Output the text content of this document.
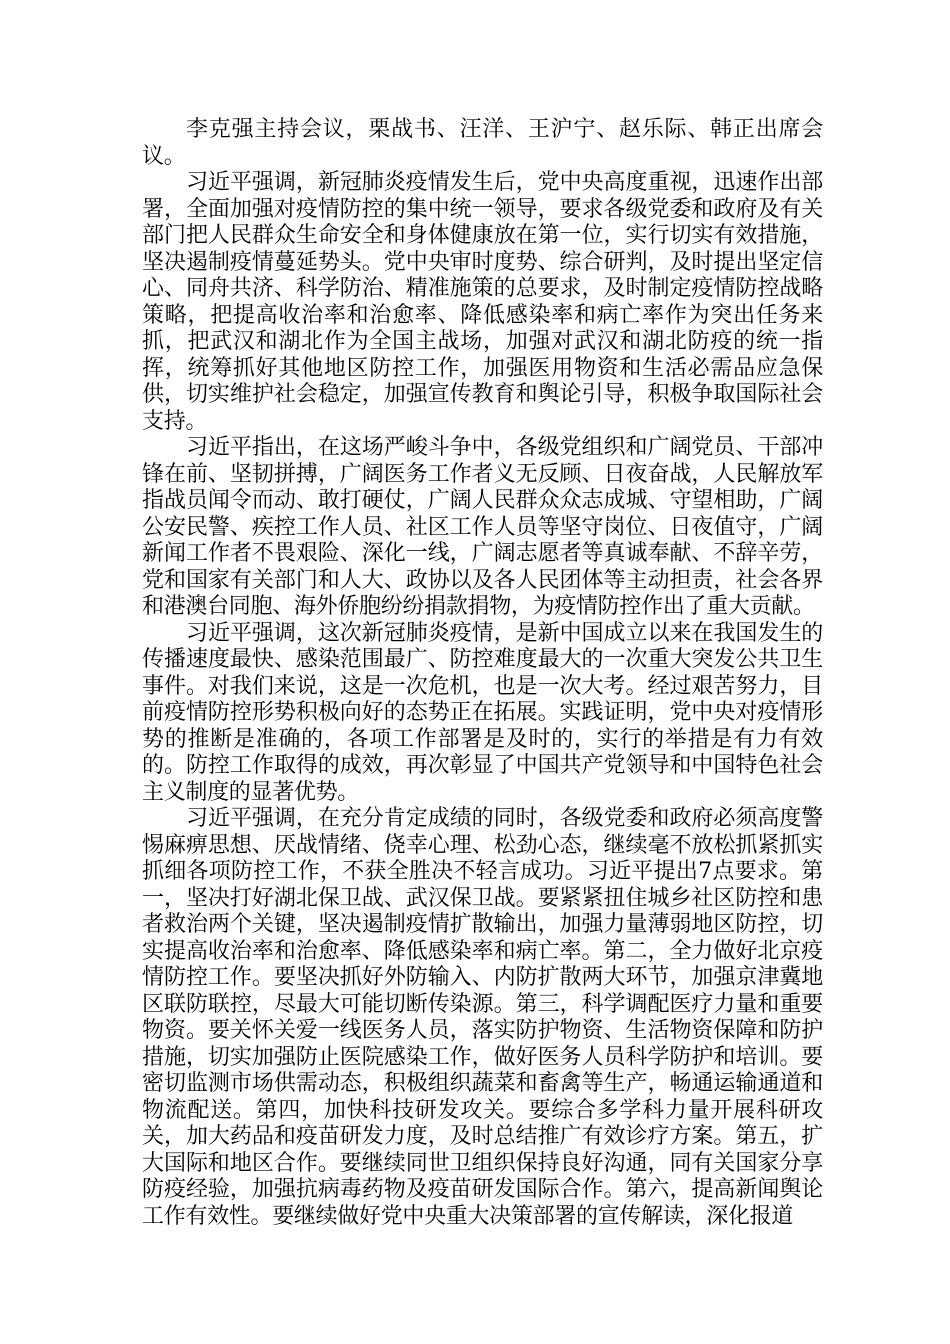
李克强主持会议，栗战书、汪洋、王沪宁、赵乐际、韩正出席会议。

习近平强调，新冠肺炎疫情发生后，党中央高度重视，迅速作出部署，全面加强对疫情防控的集中统一领导，要求各级党委和政府及有关部门把人民群众生命安全和身体健康放在第一位，实行切实有效措施，坚决遏制疫情蔓延势头。党中央审时度势、综合研判，及时提出坚定信心、同舟共济、科学防治、精准施策的总要求，及时制定疫情防控战略策略，把提高收治率和治愈率、降低感染率和病亡率作为突出任务来抓，把武汉和湖北作为全国主战场，加强对武汉和湖北防疫的统一指挥，统筹抓好其他地区防控工作，加强医用物资和生活必需品应急保供，切实维护社会稳定，加强宣传教育和舆论引导，积极争取国际社会支持。

习近平指出，在这场严峻斗争中，各级党组织和广阔党员、干部冲锋在前、坚韧拼搏，广阔医务工作者义无反顾、日夜奋战，人民解放军指战员闻令而动、敢打硬仗，广阔人民群众众志成城、守望相助，广阔公安民警、疾控工作人员、社区工作人员等坚守岗位、日夜值守，广阔新闻工作者不畏艰险、深化一线，广阔志愿者等真诚奉献、不辞辛劳，党和国家有关部门和人大、政协以及各人民团体等主动担责，社会各界和港澳台同胞、海外侨胞纷纷捐款捐物，为疫情防控作出了重大贡献。

习近平强调，这次新冠肺炎疫情，是新中国成立以来在我国发生的传播速度最快、感染范围最广、防控难度最大的一次重大突发公共卫生事件。对我们来说，这是一次危机，也是一次大考。经过艰苦努力，目前疫情防控形势积极向好的态势正在拓展。实践证明，党中央对疫情形势的推断是准确的，各项工作部署是及时的，实行的举措是有力有效的。防控工作取得的成效，再次彰显了中国共产党领导和中国特色社会主义制度的显著优势。

习近平强调，在充分肯定成绩的同时，各级党委和政府必须高度警惕麻痹思想、厌战情绪、侥幸心理、松劲心态，继续毫不放松抓紧抓实抓细各项防控工作，不获全胜决不轻言成功。习近平提出7点要求。第一，坚决打好湖北保卫战、武汉保卫战。要紧紧扭住城乡社区防控和患者救治两个关键，坚决遏制疫情扩散输出，加强力量薄弱地区防控，切实提高收治率和治愈率、降低感染率和病亡率。第二，全力做好北京疫情防控工作。要坚决抓好外防输入、内防扩散两大环节，加强京津冀地区联防联控，尽最大可能切断传染源。第三，科学调配医疗力量和重要物资。要关怀关爱一线医务人员，落实防护物资、生活物资保障和防护措施，切实加强防止医院感染工作，做好医务人员科学防护和培训。要密切监测市场供需动态，积极组织蔬菜和畜禽等生产，畅通运输通道和物流配送。第四，加快科技研发攻关。要综合多学科力量开展科研攻关，加大药品和疫苗研发力度，及时总结推广有效诊疗方案。第五，扩大国际和地区合作。要继续同世卫组织保持良好沟通，同有关国家分享防疫经验，加强抗病毒药物及疫苗研发国际合作。第六，提高新闻舆论工作有效性。要继续做好党中央重大决策部署的宣传解读，深化报道
